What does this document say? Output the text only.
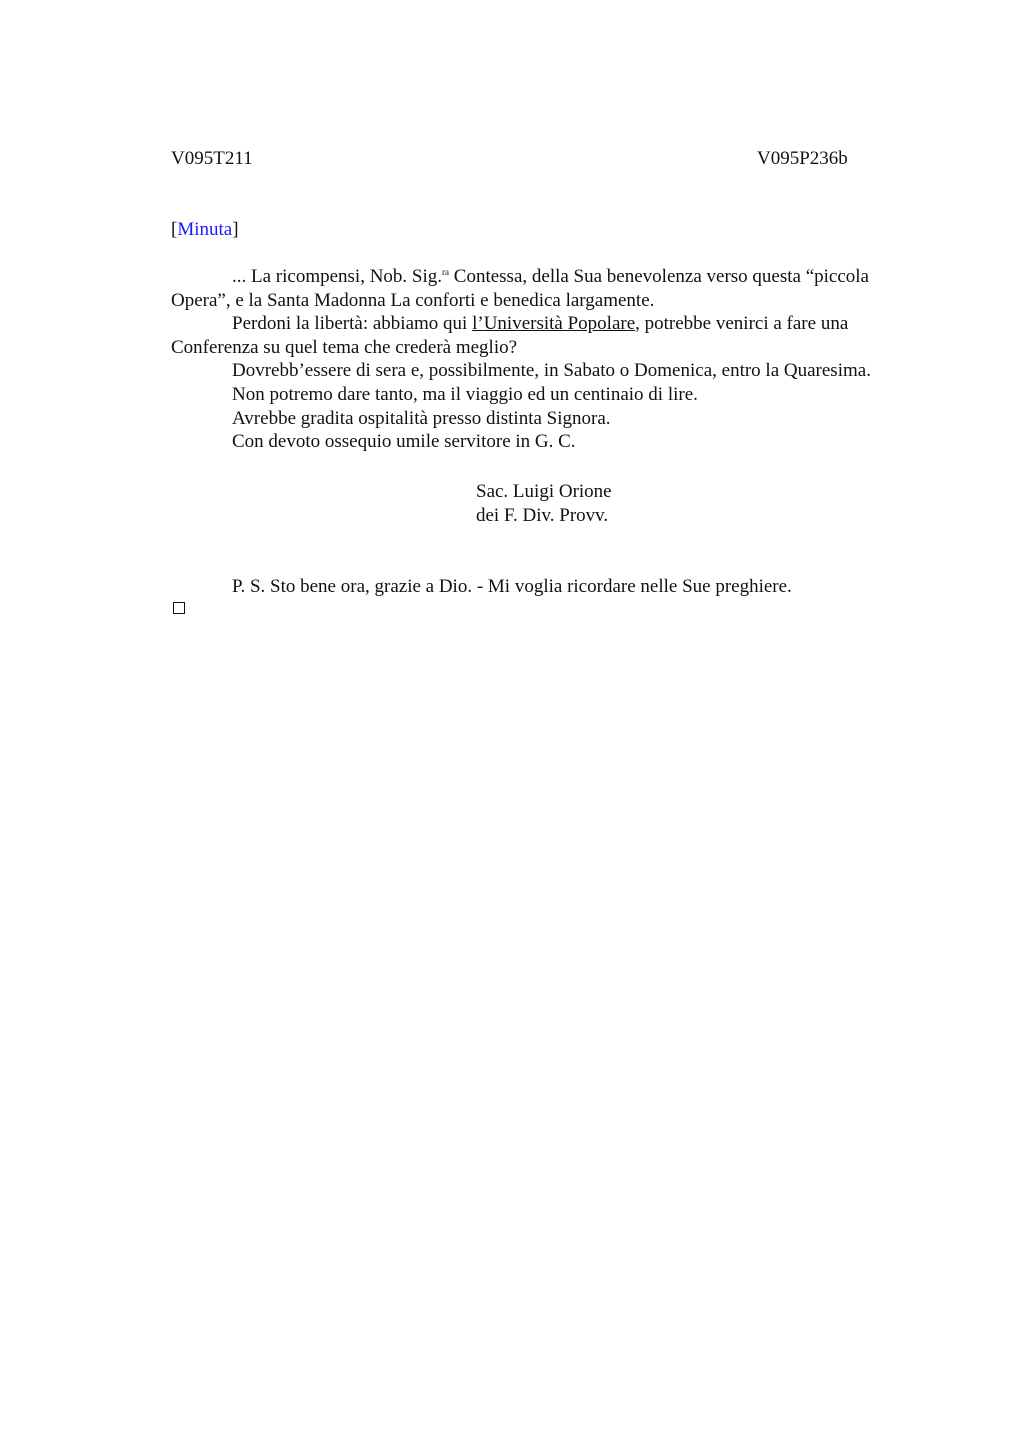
V095T211	V095P236b
[Minuta]

... La ricompensi, Nob. Sig.$^{ra}$ Contessa, della Sua benevolenza verso questa “piccola Opera”, e la Santa Madonna La conforti e benedica largamente.

Perdoni la libertà: abbiamo qui l’Università Popolare, potrebbe venirci a fare una Conferenza su quel tema che crederà meglio?

Dovrebb’essere di sera e, possibilmente, in Sabato o Domenica, entro la Quaresima.

Non potremo dare tanto, ma il viaggio ed un centinaio di lire.

Avrebbe gradita ospitalità presso distinta Signora.

Con devoto ossequio umile servitore in G. C.

Sac. Luigi Orione
dei F. Div. Provv.
P. S. Sto bene ora, grazie a Dio. - Mi voglia ricordare nelle Sue preghiere.
